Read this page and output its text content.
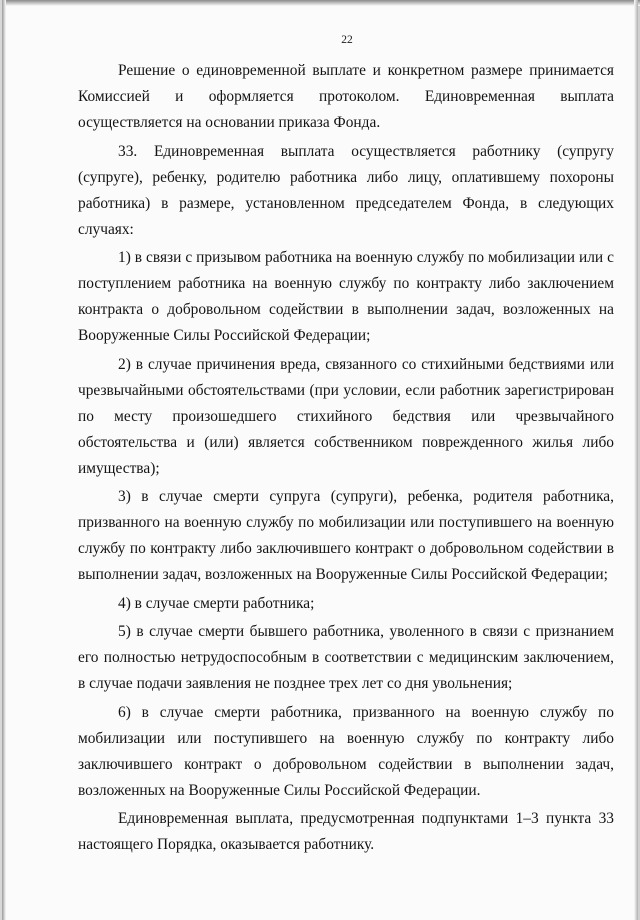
22

Решение о единовременной выплате и конкретном размере принимается Комиссией и оформляется протоколом. Единовременная выплата осуществляется на основании приказа Фонда.

33. Единовременная выплата осуществляется работнику (супругу (супруге), ребенку, родителю работника либо лицу, оплатившему похороны работника) в размере, установленном председателем Фонда, в следующих случаях:

1) в связи с призывом работника на военную службу по мобилизации или с поступлением работника на военную службу по контракту либо заключением контракта о добровольном содействии в выполнении задач, возложенных на Вооруженные Силы Российской Федерации;

2) в случае причинения вреда, связанного со стихийными бедствиями или чрезвычайными обстоятельствами (при условии, если работник зарегистрирован по месту произошедшего стихийного бедствия или чрезвычайного обстоятельства и (или) является собственником поврежденного жилья либо имущества);

3) в случае смерти супруга (супруги), ребенка, родителя работника, призванного на военную службу по мобилизации или поступившего на военную службу по контракту либо заключившего контракт о добровольном содействии в выполнении задач, возложенных на Вооруженные Силы Российской Федерации;

4) в случае смерти работника;

5) в случае смерти бывшего работника, уволенного в связи с признанием его полностью нетрудоспособным в соответствии с медицинским заключением, в случае подачи заявления не позднее трех лет со дня увольнения;

6) в случае смерти работника, призванного на военную службу по мобилизации или поступившего на военную службу по контракту либо заключившего контракт о добровольном содействии в выполнении задач, возложенных на Вооруженные Силы Российской Федерации.

Единовременная выплата, предусмотренная подпунктами 1–3 пункта 33 настоящего Порядка, оказывается работнику.
